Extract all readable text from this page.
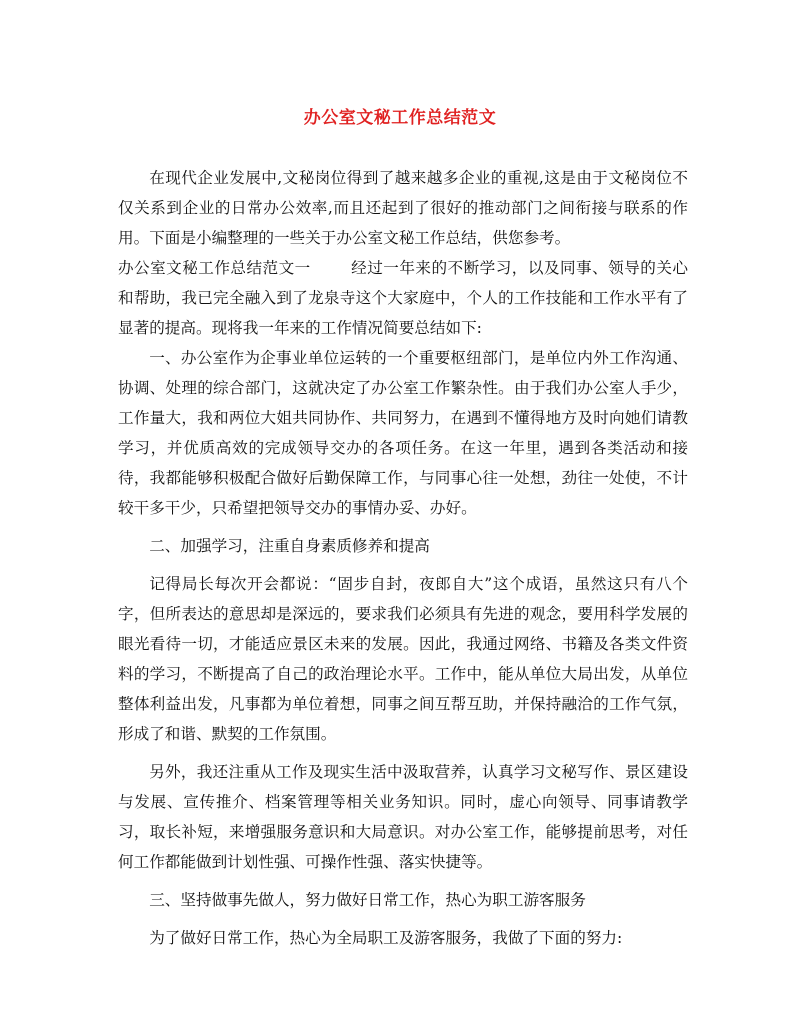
办公室文秘工作总结范文

在现代企业发展中,文秘岗位得到了越来越多企业的重视,这是由于文秘岗位不仅关系到企业的日常办公效率,而且还起到了很好的推动部门之间衔接与联系的作用。下面是小编整理的一些关于办公室文秘工作总结，供您参考。

办公室文秘工作总结范文一	经过一年来的不断学习，以及同事、领导的关心和帮助，我已完全融入到了龙泉寺这个大家庭中，个人的工作技能和工作水平有了显著的提高。现将我一年来的工作情况简要总结如下:

一、办公室作为企事业单位运转的一个重要枢纽部门，是单位内外工作沟通、协调、处理的综合部门，这就决定了办公室工作繁杂性。由于我们办公室人手少，工作量大，我和两位大姐共同协作、共同努力，在遇到不懂得地方及时向她们请教学习，并优质高效的完成领导交办的各项任务。在这一年里，遇到各类活动和接待，我都能够积极配合做好后勤保障工作，与同事心往一处想，劲往一处使，不计较干多干少，只希望把领导交办的事情办妥、办好。

二、加强学习，注重自身素质修养和提高

记得局长每次开会都说：“固步自封，夜郎自大”这个成语，虽然这只有八个字，但所表达的意思却是深远的，要求我们必须具有先进的观念，要用科学发展的眼光看待一切，才能适应景区未来的发展。因此，我通过网络、书籍及各类文件资料的学习，不断提高了自己的政治理论水平。工作中，能从单位大局出发，从单位整体利益出发，凡事都为单位着想，同事之间互帮互助，并保持融洽的工作气氛，形成了和谐、默契的工作氛围。

另外，我还注重从工作及现实生活中汲取营养，认真学习文秘写作、景区建设与发展、宣传推介、档案管理等相关业务知识。同时，虚心向领导、同事请教学习，取长补短，来增强服务意识和大局意识。对办公室工作，能够提前思考，对任何工作都能做到计划性强、可操作性强、落实快捷等。

三、坚持做事先做人，努力做好日常工作，热心为职工游客服务

为了做好日常工作，热心为全局职工及游客服务，我做了下面的努力:
